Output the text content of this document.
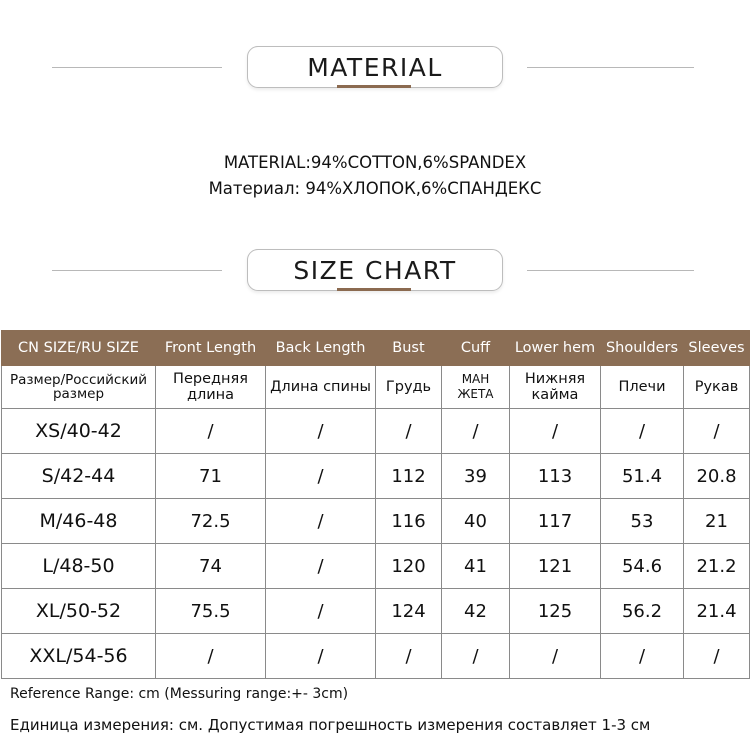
MATERIAL
MATERIAL:94%COTTON,6%SPANDEX
Материал: 94%ХЛОПОК,6%СПАНДЕКС
SIZE CHART
CN SIZE/RU SIZE	Front Length	Back Length	Bust	Cuff	Lower hem	Shoulders	Sleeves
Размер/Российский размер	Передняя длина	Длина спины	Грудь	МАН ЖЕТА	Нижняя кайма	Плечи	Рукав
XS/40-42	/	/	/	/	/	/	/
S/42-44	71	/	112	39	113	51.4	20.8
M/46-48	72.5	/	116	40	117	53	21
L/48-50	74	/	120	41	121	54.6	21.2
XL/50-52	75.5	/	124	42	125	56.2	21.4
XXL/54-56	/	/	/	/	/	/	/
Reference Range: cm (Messuring range:+- 3cm)
Единица измерения: см. Допустимая погрешность измерения составляет 1-3 см
